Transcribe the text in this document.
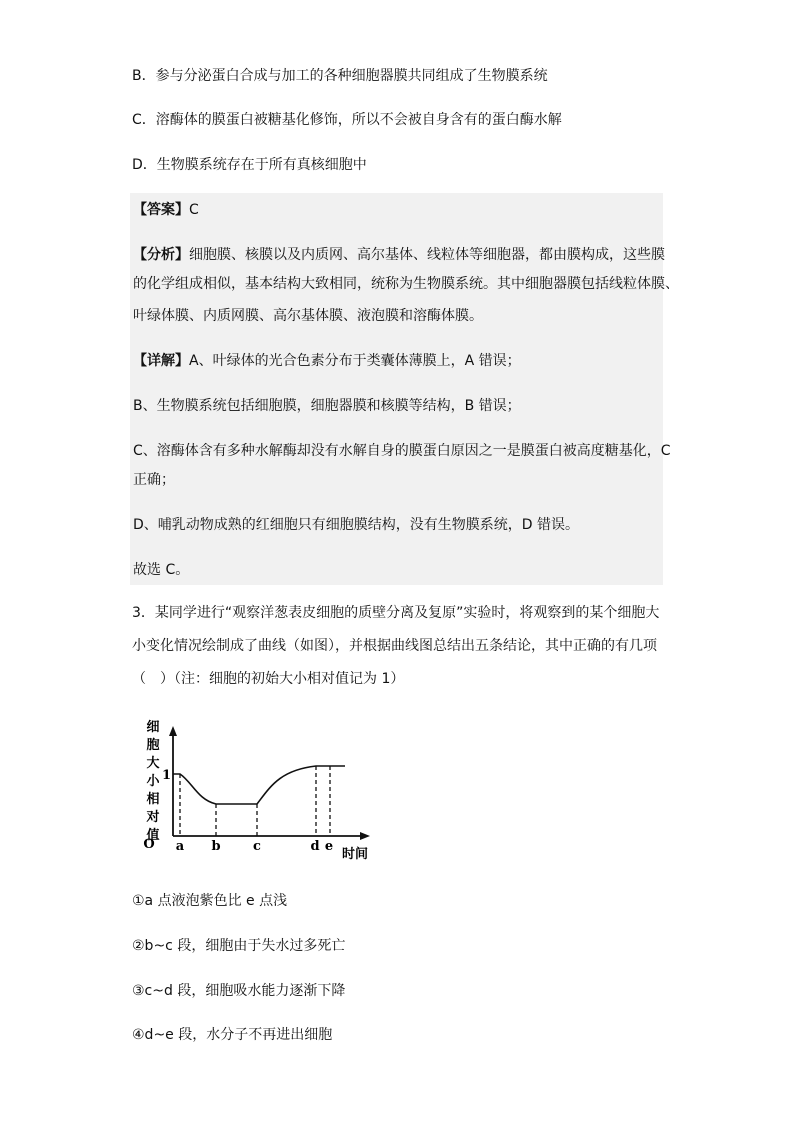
B．参与分泌蛋白合成与加工的各种细胞器膜共同组成了生物膜系统
C．溶酶体的膜蛋白被糖基化修饰，所以不会被自身含有的蛋白酶水解
D．生物膜系统存在于所有真核细胞中
【答案】C
【分析】细胞膜、核膜以及内质网、高尔基体、线粒体等细胞器，都由膜构成，这些膜
的化学组成相似，基本结构大致相同，统称为生物膜系统。其中细胞器膜包括线粒体膜、
叶绿体膜、内质网膜、高尔基体膜、液泡膜和溶酶体膜。
【详解】A、叶绿体的光合色素分布于类囊体薄膜上，A 错误；
B、生物膜系统包括细胞膜，细胞器膜和核膜等结构，B 错误；
C、溶酶体含有多种水解酶却没有水解自身的膜蛋白原因之一是膜蛋白被高度糖基化，C
正确；
D、哺乳动物成熟的红细胞只有细胞膜结构，没有生物膜系统，D 错误。
故选 C。
3．某同学进行“观察洋葱表皮细胞的质壁分离及复原”实验时，将观察到的某个细胞大
小变化情况绘制成了曲线（如图），并根据曲线图总结出五条结论，其中正确的有几项
（　）（注：细胞的初始大小相对值记为 1）
细
胞
大
小
相
对
值
1
O a b c	d e
时间
①a 点液泡紫色比 e 点浅
②b~c 段，细胞由于失水过多死亡
③c~d 段，细胞吸水能力逐渐下降
④d~e 段，水分子不再进出细胞
